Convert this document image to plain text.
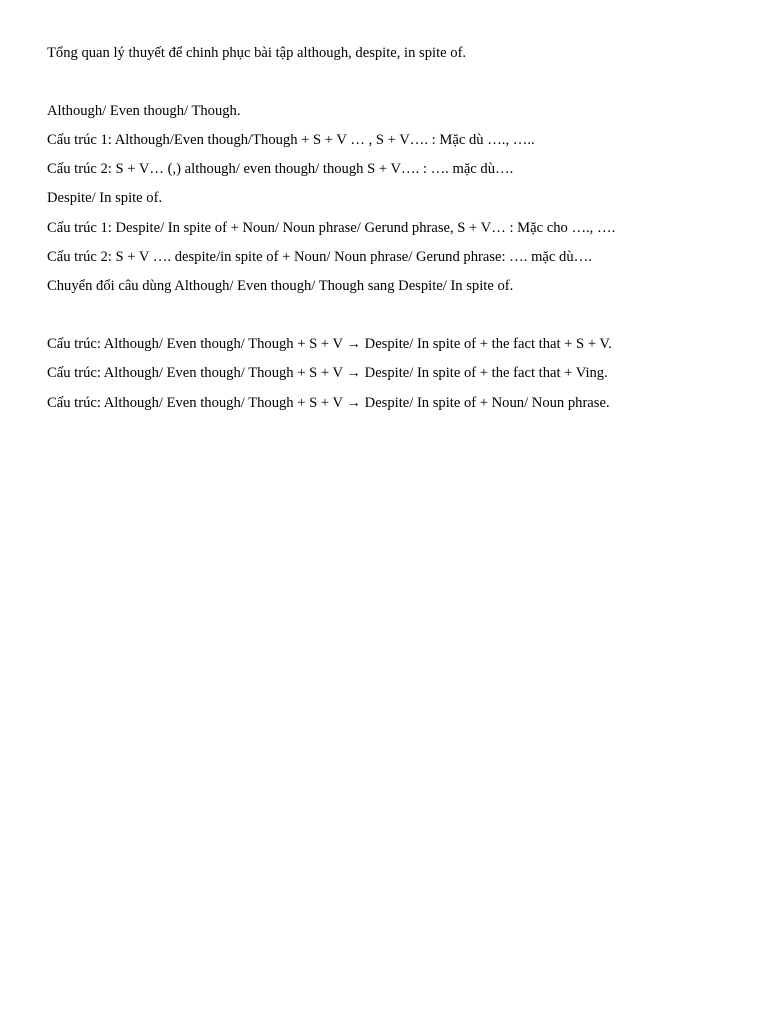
Tổng quan lý thuyết để chinh phục bài tập although, despite, in spite of.
Although/ Even though/ Though.
Cấu trúc 1: Although/Even though/Though + S + V … , S + V…. : Mặc dù …., …..
Cấu trúc 2: S + V… (,) although/ even though/ though S + V…. : …. mặc dù….
Despite/ In spite of.
Cấu trúc 1: Despite/ In spite of + Noun/ Noun phrase/ Gerund phrase, S + V… : Mặc cho …., ….
Cấu trúc 2: S + V …. despite/in spite of + Noun/ Noun phrase/ Gerund phrase: …. mặc dù….
Chuyển đổi câu dùng Although/ Even though/ Though sang Despite/ In spite of.
Cấu trúc: Although/ Even though/ Though + S + V → Despite/ In spite of + the fact that + S + V.
Cấu trúc: Although/ Even though/ Though + S + V → Despite/ In spite of + the fact that + Ving.
Cấu trúc: Although/ Even though/ Though + S + V → Despite/ In spite of + Noun/ Noun phrase.
